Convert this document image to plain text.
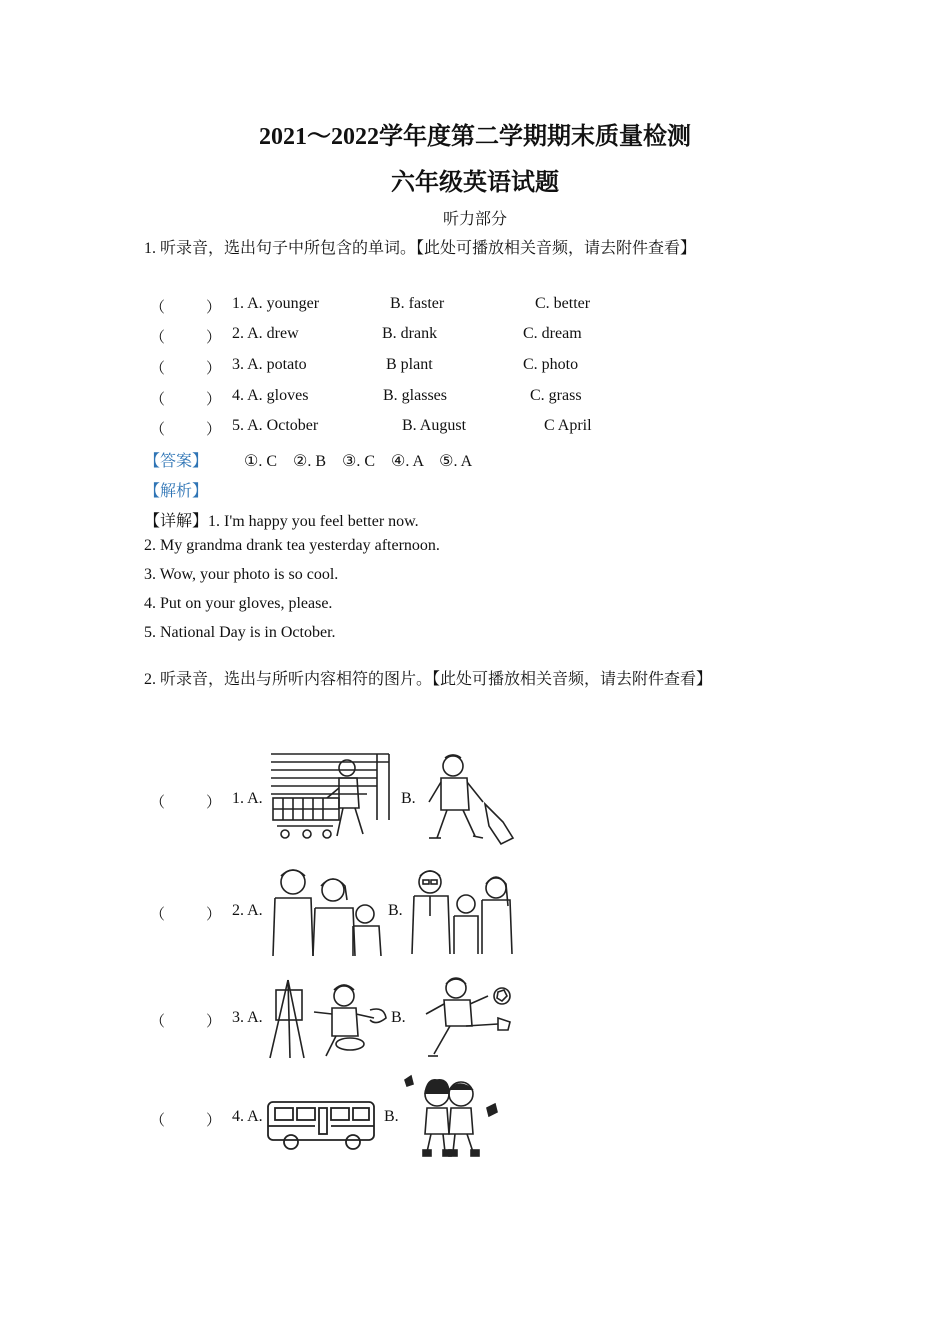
2021～2022学年度第二学期期末质量检测
六年级英语试题
听力部分
1. 听录音，选出句子中所包含的单词。【此处可播放相关音频，请去附件查看】
（	） 1. A. younger	B. faster	C. better
（	） 2. A. drew	B. drank	C. dream
（	） 3. A. potato	B plant	C. photo
（	） 4. A. gloves	B. glasses	C. grass
（	） 5. A. October	B. August	C April
【答案】 ①. C　②. B　③. C　④. A　⑤. A
【解析】
【详解】1. I'm happy you feel better now.
2. My grandma drank tea yesterday afternoon.
3. Wow, your photo is so cool.
4. Put on your gloves, please.
5. National Day is in October.
2. 听录音，选出与所听内容相符的图片。【此处可播放相关音频，请去附件查看】
（	） 1. A.	B.
（	） 2. A.	B.
（	） 3. A.	B.
（	） 4. A.	B.
